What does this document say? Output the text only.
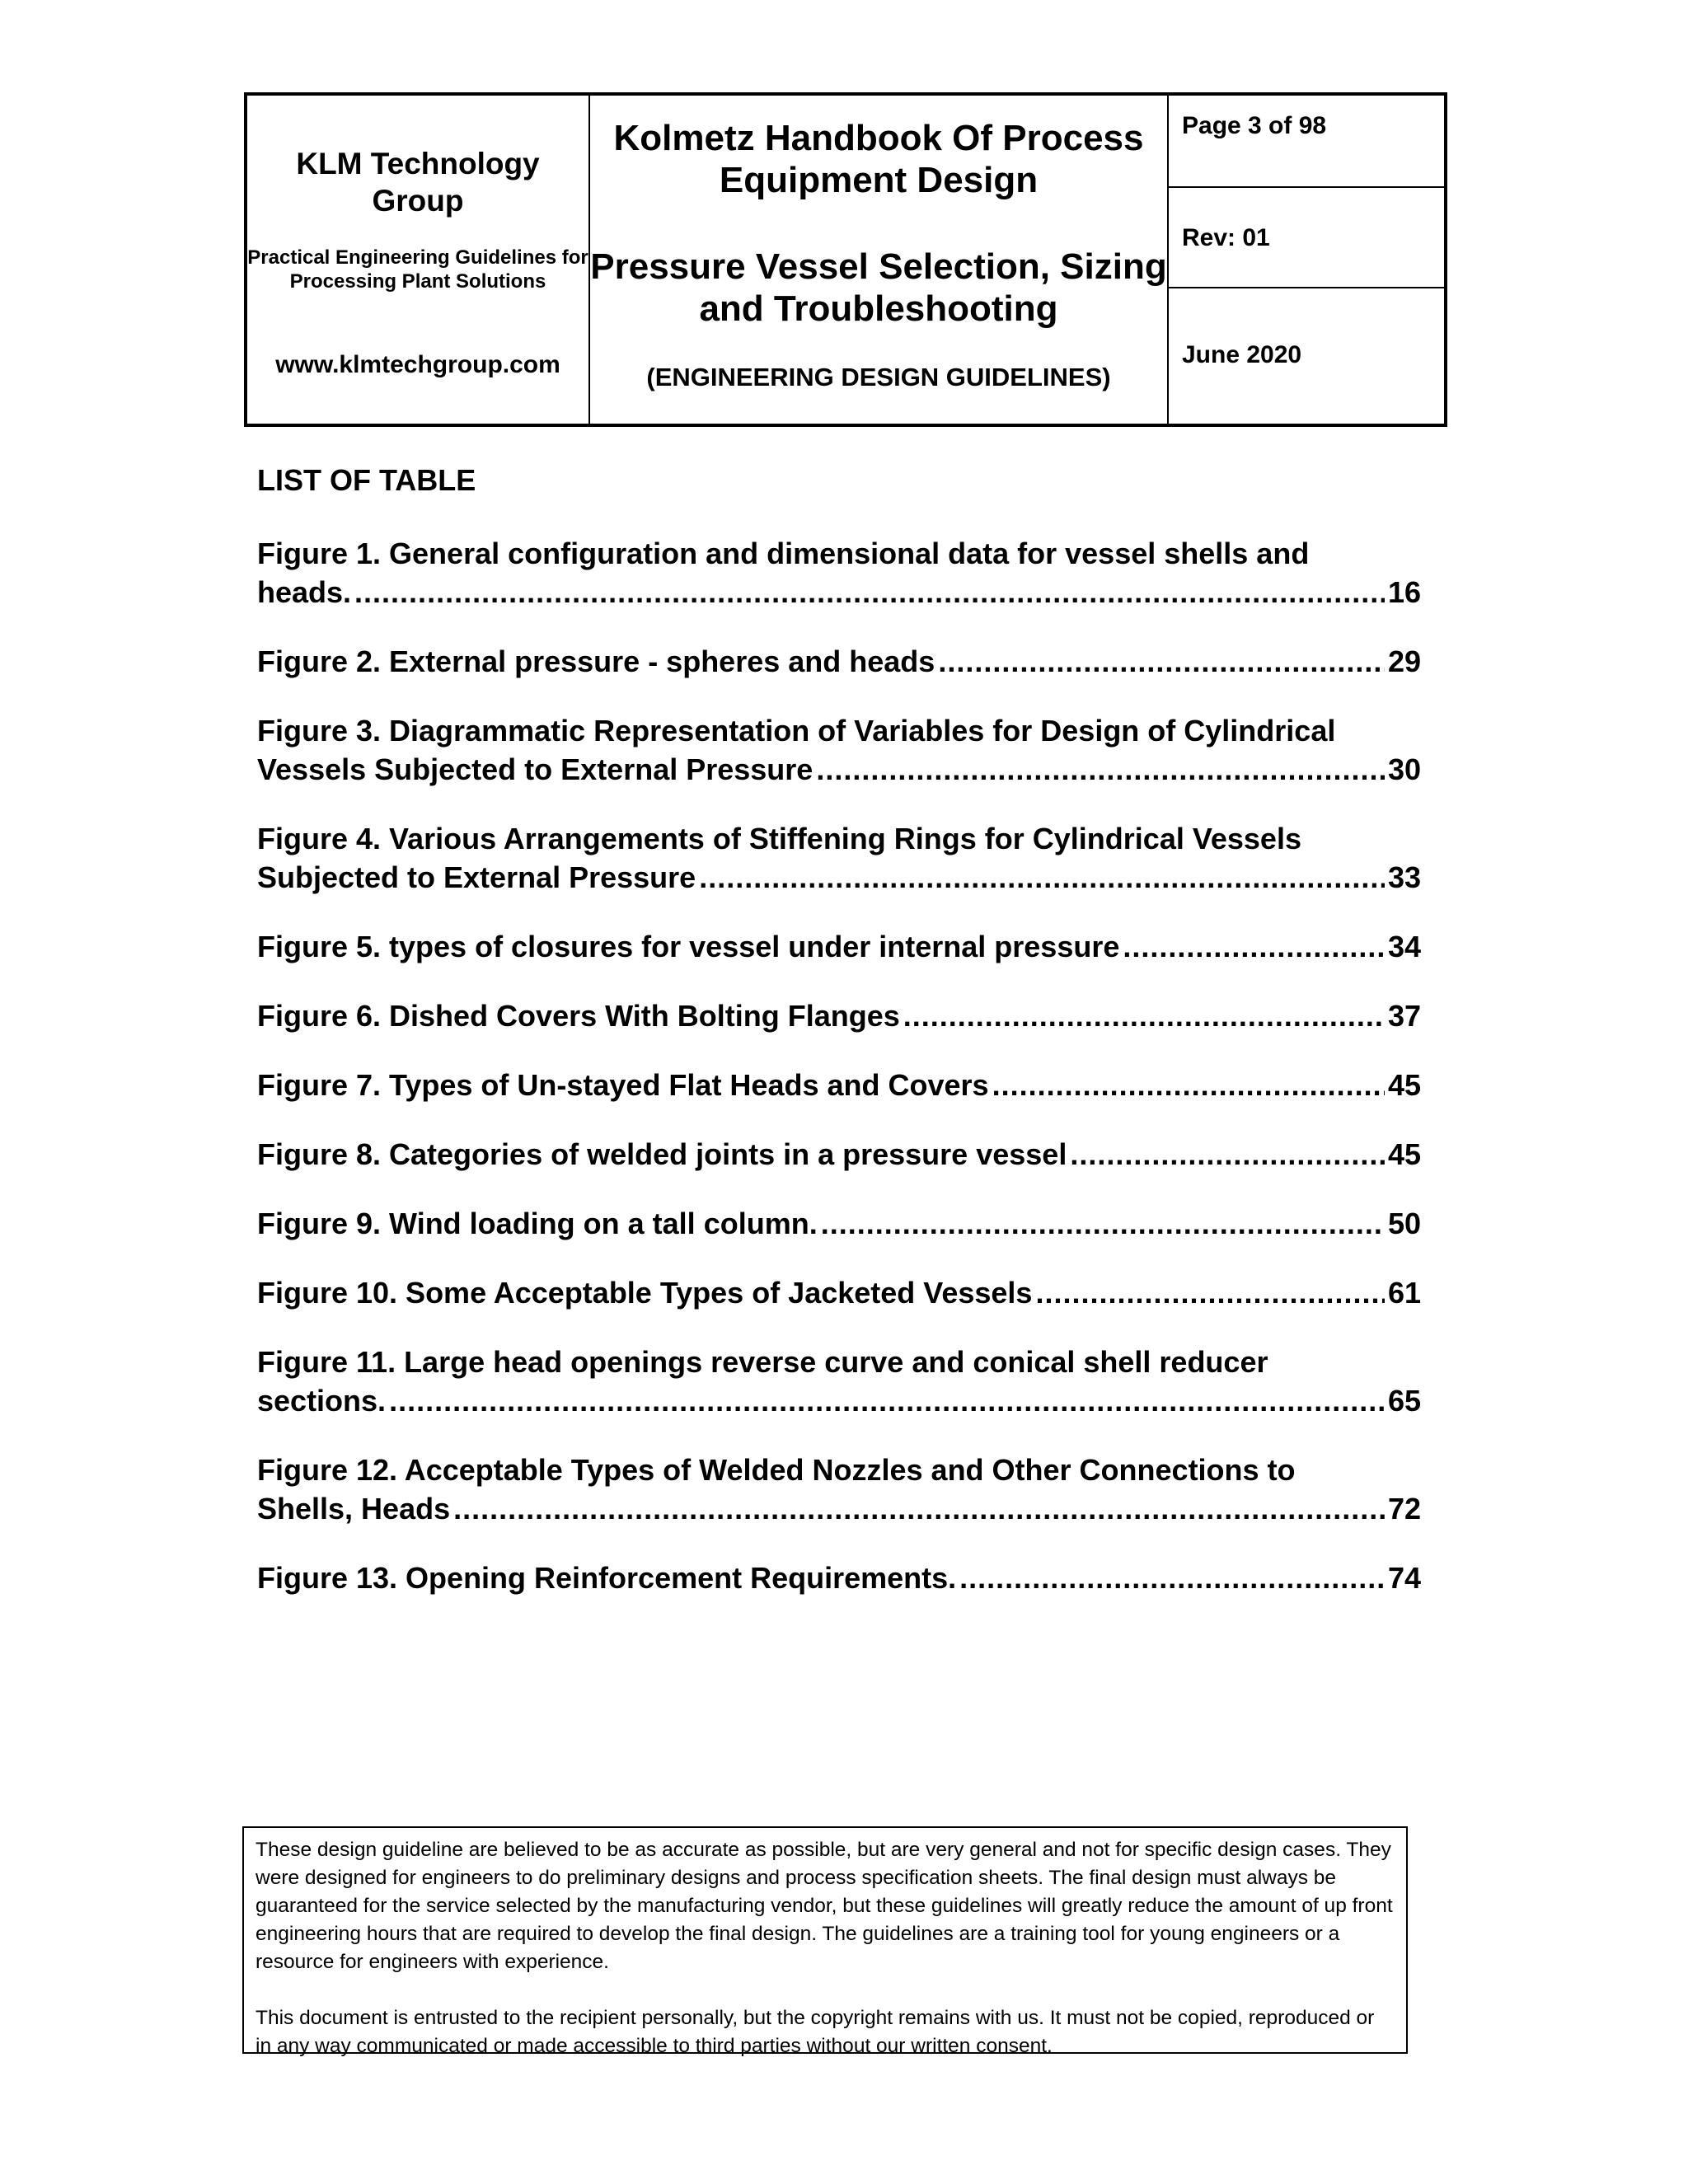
KLM Technology Group
Practical Engineering Guidelines for Processing Plant Solutions
www.klmtechgroup.com
Kolmetz Handbook Of Process Equipment Design
Pressure Vessel Selection, Sizing and Troubleshooting
(ENGINEERING DESIGN GUIDELINES)
Page 3 of 98
Rev: 01
June 2020
LIST OF TABLE
Figure 1. General configuration and dimensional data for vessel shells and
heads. .....	16
Figure 2. External pressure - spheres and heads .....	29
Figure 3. Diagrammatic Representation of Variables for Design of Cylindrical
Vessels Subjected to External Pressure .....	30
Figure 4. Various Arrangements of Stiffening Rings for Cylindrical Vessels
Subjected to External Pressure .....	33
Figure 5. types of closures for vessel under internal pressure .....	34
Figure 6. Dished Covers With Bolting Flanges .....	37
Figure 7. Types of Un-stayed Flat Heads and Covers .....	45
Figure 8. Categories of welded joints in a pressure vessel .....	45
Figure 9. Wind loading on a tall column. .....	50
Figure 10. Some Acceptable Types of Jacketed Vessels .....	61
Figure 11. Large head openings reverse curve and conical shell reducer
sections. .....	65
Figure 12. Acceptable Types of Welded Nozzles and Other Connections to
Shells, Heads .....	72
Figure 13. Opening Reinforcement Requirements. .....	74

These design guideline are believed to be as accurate as possible, but are very general and not for specific design cases. They were designed for engineers to do preliminary designs and process specification sheets. The final design must always be guaranteed for the service selected by the manufacturing vendor, but these guidelines will greatly reduce the amount of up front engineering hours that are required to develop the final design. The guidelines are a training tool for young engineers or a resource for engineers with experience.

This document is entrusted to the recipient personally, but the copyright remains with us. It must not be copied, reproduced or in any way communicated or made accessible to third parties without our written consent.
